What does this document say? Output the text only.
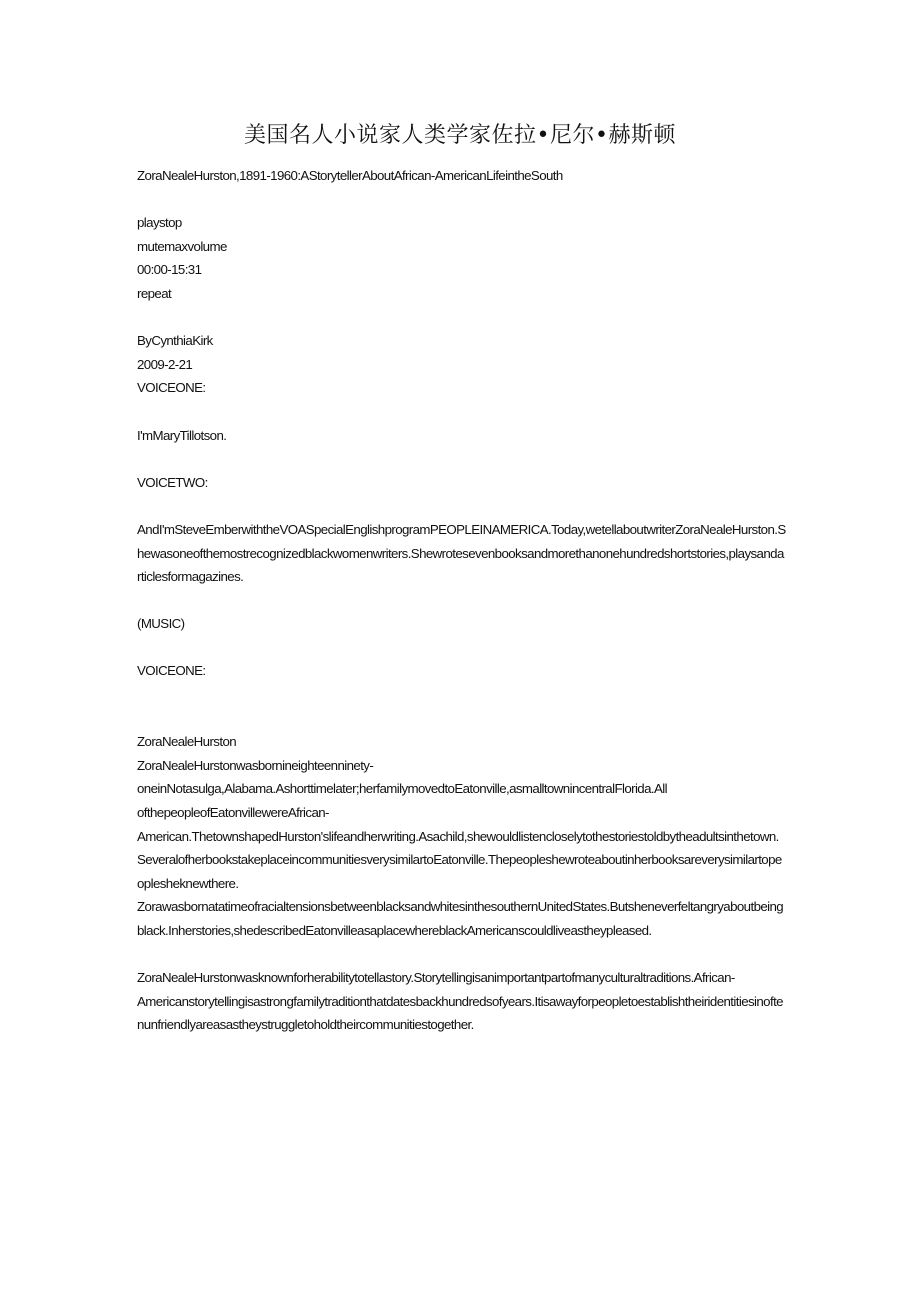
美国名人小说家人类学家佐拉•尼尔•赫斯顿
ZoraNealeHurston,1891-1960:AStorytellerAboutAfrican-AmericanLifeintheSouth
playstop
mutemaxvolume
00:00-15:31
repeat
ByCynthiaKirk
2009-2-21
VOICEONE:
I'mMaryTillotson.
VOICETWO:
AndI'mSteveEmberwiththeVOASpecialEnglishprogramPEOPLEINAMERICA.Today,wetellaboutwriterZoraNealeHurston.Shewasoneofthemostrecognizedblackwomenwriters.Shewrotesevenbooksandmorethanonehundredshortstories,playsandarticlesformagazines.
(MUSIC)
VOICEONE:
ZoraNealeHurston
ZoraNealeHurstonwasbornineighteenninety-
oneinNotasulga,Alabama.Ashorttimelater;herfamilymovedtoEatonville,asmalltownincentralFlorida.All
ofthepeopleofEatonvillewereAfrican-
American.ThetownshapedHurston'slifeandherwriting.Asachild,shewouldlistencloselytothestoriestoldbytheadultsinthetown.SeveralofherbookstakeplaceincommunitiesverysimilartoEatonville.Thepeopleshewroteaboutinherbooksareverysimilartopeoplesheknewthere.
ZorawasbornatatimeofracialtensionsbetweenblacksandwhitesinthesouthernUnitedStates.Butsheneverfeltangryaboutbeingblack.Inherstories,shedescribedEatonvilleasaplacewhereblackAmericanscouldliveastheypleased.
ZoraNealeHurstonwasknownforherabilitytotellastory.Storytellingisanimportantpartofmanyculturaltraditions.African-
Americanstorytellingisastrongfamilytraditionthatdatesbackhundredsofyears.Itisawayforpeopletoestablishtheiridentitiesinoftenunfriendlyareasastheystruggletoholdtheircommunitiestogether.
